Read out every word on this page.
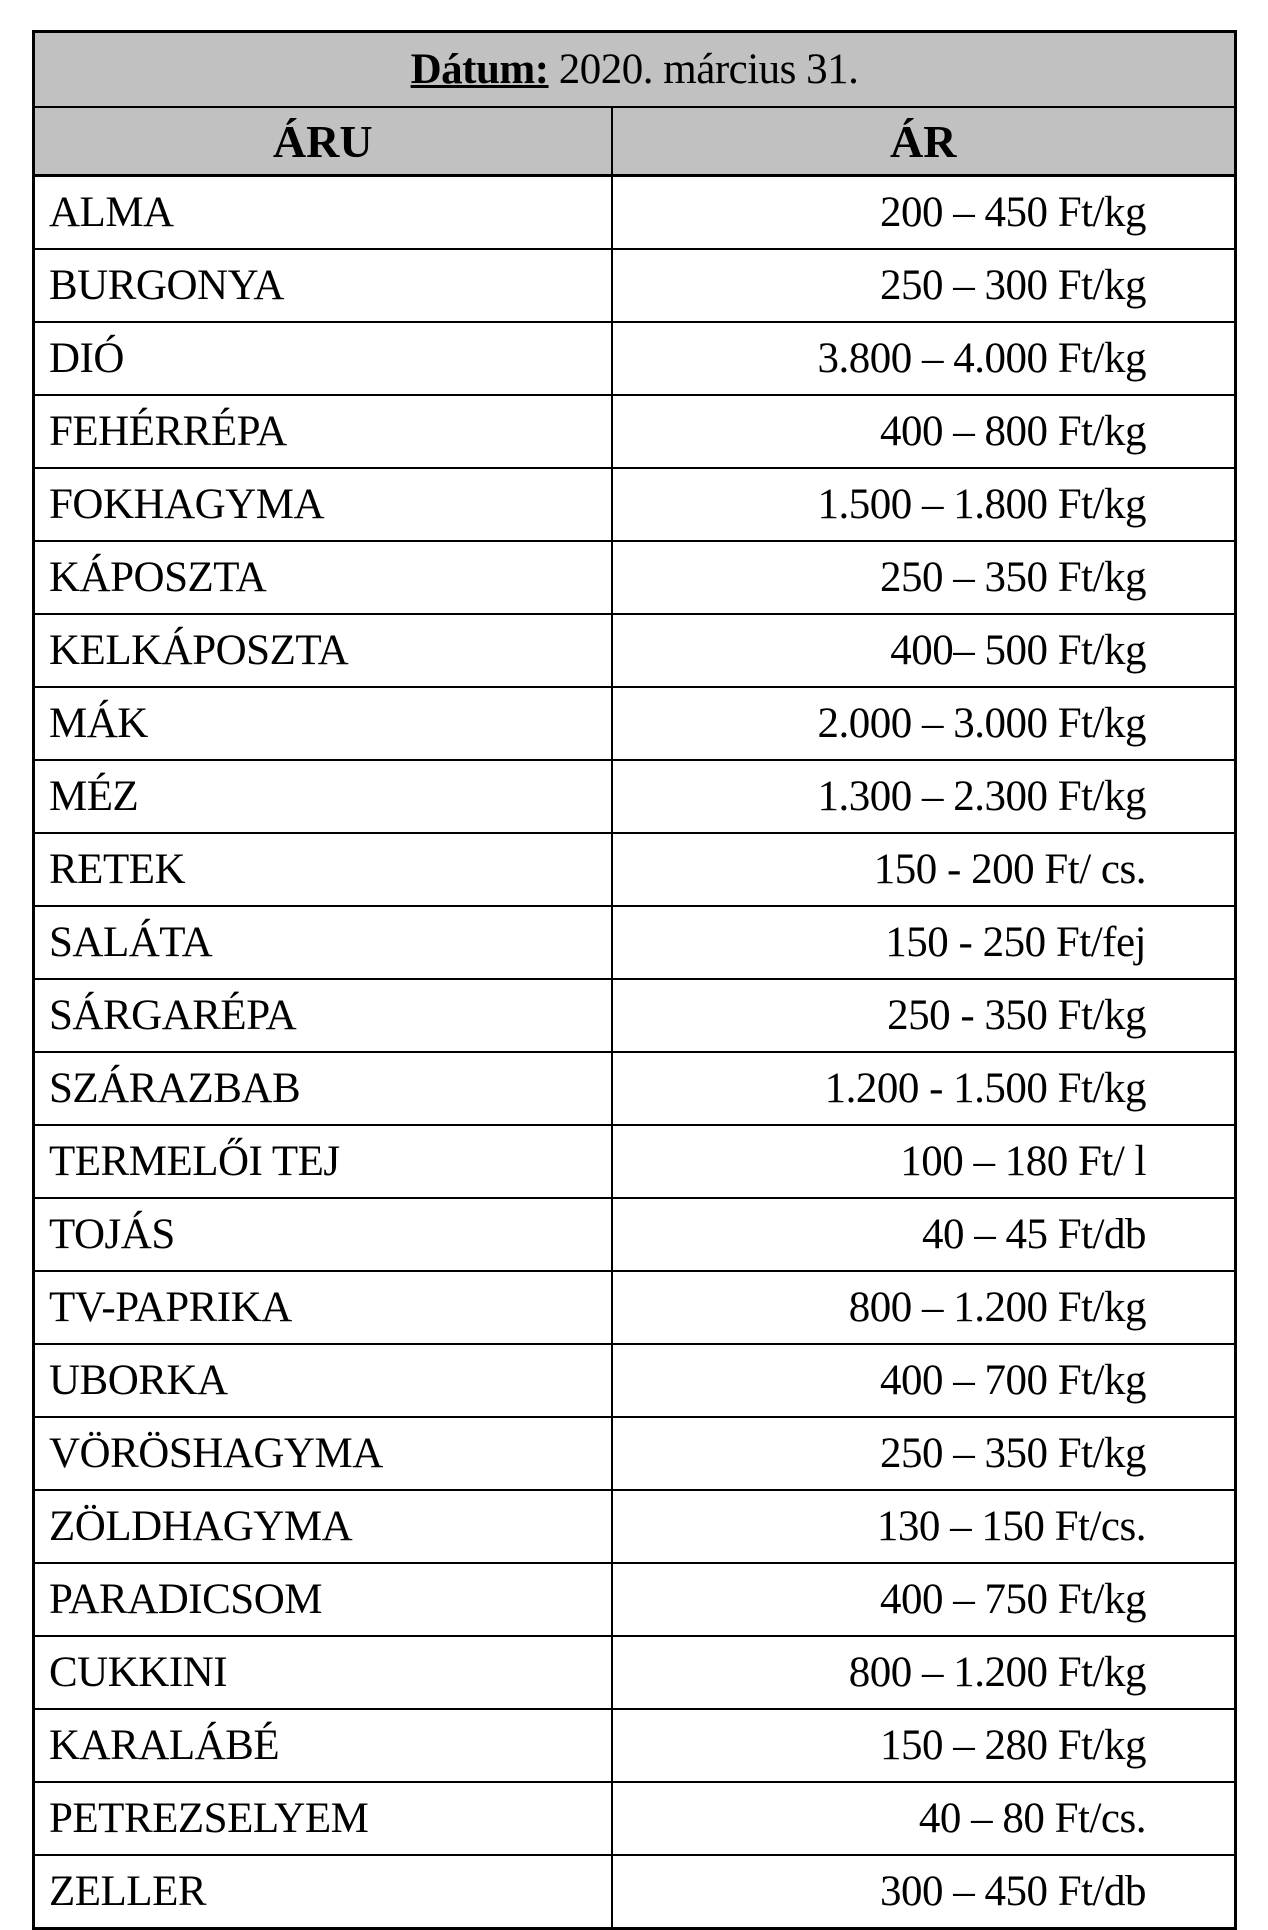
Dátum: 2020. március 31.	
ÁRU	ÁR
ALMA	200 – 450 Ft/kg
BURGONYA	250 – 300 Ft/kg
DIÓ	3.800 – 4.000 Ft/kg
FEHÉRRÉPA	400 – 800 Ft/kg
FOKHAGYMA	1.500 – 1.800 Ft/kg
KÁPOSZTA	250 – 350 Ft/kg
KELKÁPOSZTA	400– 500 Ft/kg
MÁK	2.000 – 3.000 Ft/kg
MÉZ	1.300 – 2.300 Ft/kg
RETEK	150 - 200 Ft/ cs.
SALÁTA	150 - 250 Ft/fej
SÁRGARÉPA	250 - 350 Ft/kg
SZÁRAZBAB	1.200 - 1.500 Ft/kg
TERMELŐI TEJ	100 – 180 Ft/ l
TOJÁS	40 – 45 Ft/db
TV-PAPRIKA	800 – 1.200 Ft/kg
UBORKA	400 – 700 Ft/kg
VÖRÖSHAGYMA	250 – 350 Ft/kg
ZÖLDHAGYMA	130 – 150 Ft/cs.
PARADICSOM	400 – 750 Ft/kg
CUKKINI	800 – 1.200 Ft/kg
KARALÁBÉ	150 – 280 Ft/kg
PETREZSELYEM	40 – 80 Ft/cs.
ZELLER	300 – 450 Ft/db
